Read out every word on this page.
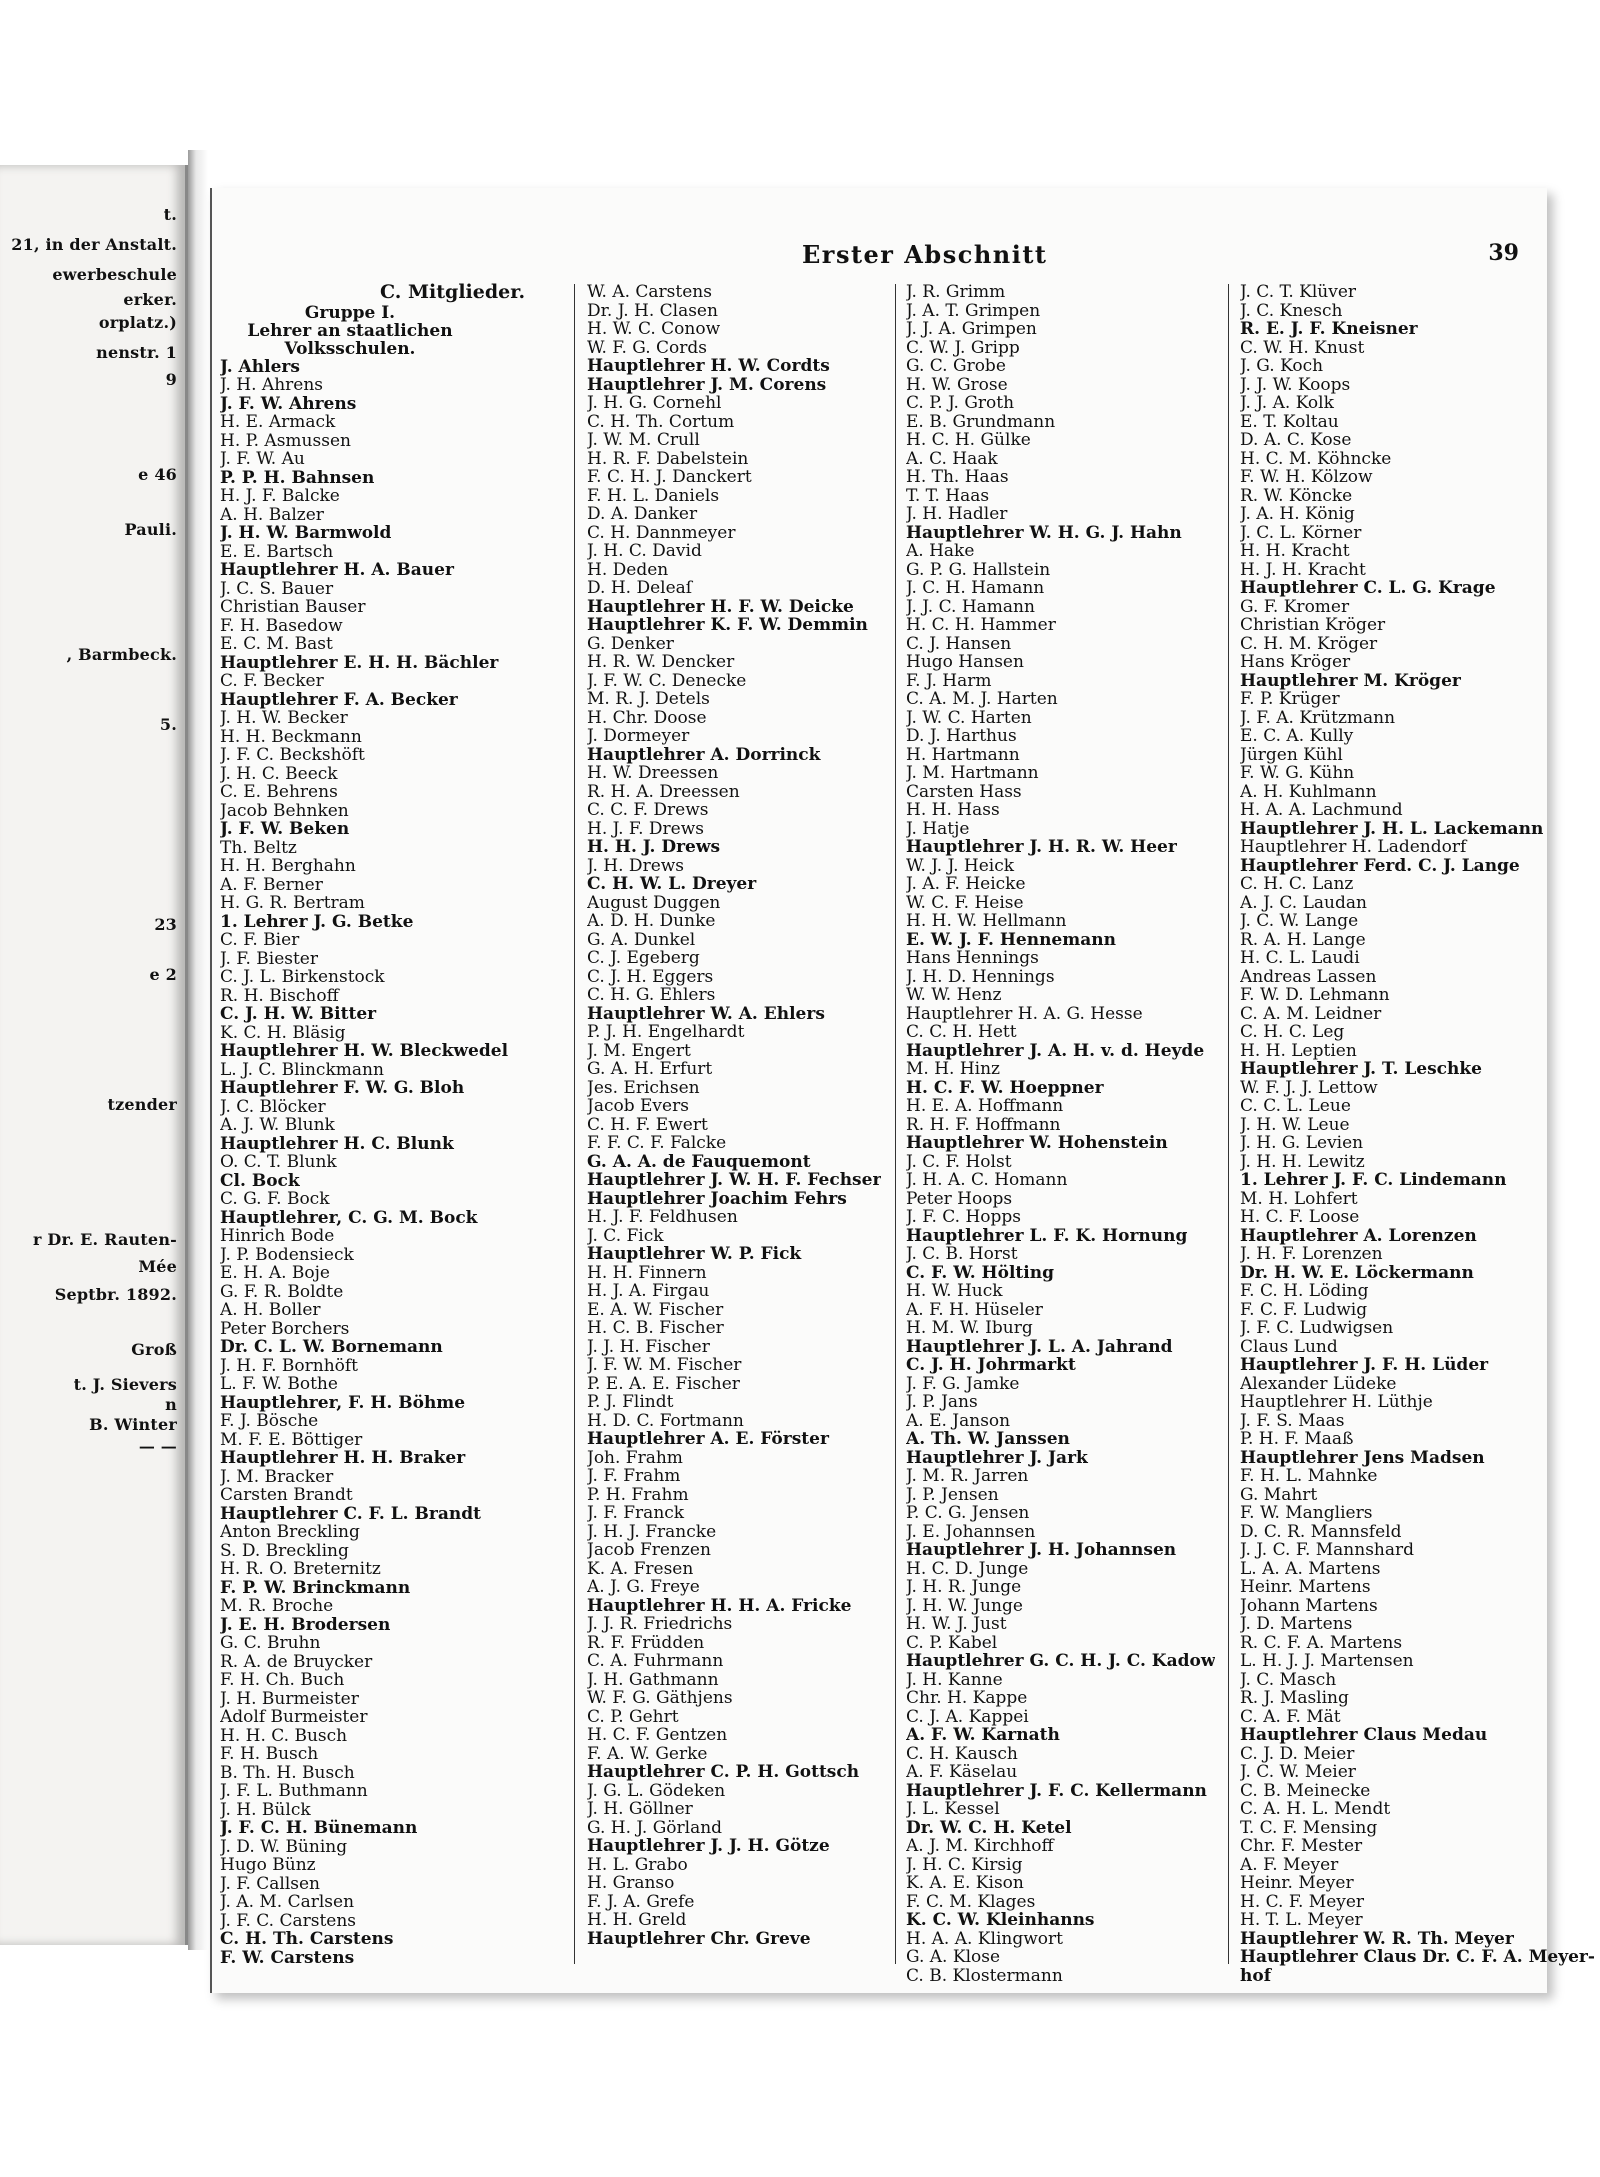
t.
21, in der Anstalt.
ewerbeschule
erker.
orplatz.)
nenstr. 1
9
e 46
Pauli.
, Barmbeck.
5.
23
e 2
tzender
r Dr. E. Rauten-
Mée
Septbr. 1892.
Groß
t. J. Sievers
n
B. Winter
— —
Erster Abschnitt	39
C. Mitglieder.
Gruppe I.
Lehrer an staatlichen
Volksschulen.
J. Ahlers
J. H. Ahrens
J. F. W. Ahrens
H. E. Armack
H. P. Asmussen
J. F. W. Au
P. P. H. Bahnsen
H. J. F. Balcke
A. H. Balzer
J. H. W. Barmwold
E. E. Bartsch
Hauptlehrer H. A. Bauer
J. C. S. Bauer
Christian Bauser
F. H. Basedow
E. C. M. Bast
Hauptlehrer E. H. H. Bächler
C. F. Becker
Hauptlehrer F. A. Becker
J. H. W. Becker
H. H. Beckmann
J. F. C. Beckshöft
J. H. C. Beeck
C. E. Behrens
Jacob Behnken
J. F. W. Beken
Th. Beltz
H. H. Berghahn
A. F. Berner
H. G. R. Bertram
1. Lehrer J. G. Betke
C. F. Bier
J. F. Biester
C. J. L. Birkenstock
R. H. Bischoff
C. J. H. W. Bitter
K. C. H. Bläsig
Hauptlehrer H. W. Bleckwedel
L. J. C. Blinckmann
Hauptlehrer F. W. G. Bloh
J. C. Blöcker
A. J. W. Blunk
Hauptlehrer H. C. Blunk
O. C. T. Blunk
Cl. Bock
C. G. F. Bock
Hauptlehrer, C. G. M. Bock
Hinrich Bode
J. P. Bodensieck
E. H. A. Boje
G. F. R. Boldte
A. H. Boller
Peter Borchers
Dr. C. L. W. Bornemann
J. H. F. Bornhöft
L. F. W. Bothe
Hauptlehrer, F. H. Böhme
F. J. Bösche
M. F. E. Böttiger
Hauptlehrer H. H. Braker
J. M. Bracker
Carsten Brandt
Hauptlehrer C. F. L. Brandt
Anton Breckling
S. D. Breckling
H. R. O. Breternitz
F. P. W. Brinckmann
M. R. Broche
J. E. H. Brodersen
G. C. Bruhn
R. A. de Bruycker
F. H. Ch. Buch
J. H. Burmeister
Adolf Burmeister
H. H. C. Busch
F. H. Busch
B. Th. H. Busch
J. F. L. Buthmann
J. H. Bülck
J. F. C. H. Bünemann
J. D. W. Büning
Hugo Bünz
J. F. Callsen
J. A. M. Carlsen
J. F. C. Carstens
C. H. Th. Carstens
F. W. Carstens
W. A. Carstens
Dr. J. H. Clasen
H. W. C. Conow
W. F. G. Cords
Hauptlehrer H. W. Cordts
Hauptlehrer J. M. Corens
J. H. G. Cornehl
C. H. Th. Cortum
J. W. M. Crull
H. R. F. Dabelstein
F. C. H. J. Danckert
F. H. L. Daniels
D. A. Danker
C. H. Dannmeyer
J. H. C. David
H. Deden
D. H. Deleaſ
Hauptlehrer H. F. W. Deicke
Hauptlehrer K. F. W. Demmin
G. Denker
H. R. W. Dencker
J. F. W. C. Denecke
M. R. J. Detels
H. Chr. Doose
J. Dormeyer
Hauptlehrer A. Dorrinck
H. W. Dreessen
R. H. A. Dreessen
C. C. F. Drews
H. J. F. Drews
H. H. J. Drews
J. H. Drews
C. H. W. L. Dreyer
August Duggen
A. D. H. Dunke
G. A. Dunkel
C. J. Egeberg
C. J. H. Eggers
C. H. G. Ehlers
Hauptlehrer W. A. Ehlers
P. J. H. Engelhardt
J. M. Engert
G. A. H. Erfurt
Jes. Erichsen
Jacob Evers
C. H. F. Ewert
F. F. C. F. Falcke
G. A. A. de Fauquemont
Hauptlehrer J. W. H. F. Fechser
Hauptlehrer Joachim Fehrs
H. J. F. Feldhusen
J. C. Fick
Hauptlehrer W. P. Fick
H. H. Finnern
H. J. A. Firgau
E. A. W. Fischer
H. C. B. Fischer
J. J. H. Fischer
J. F. W. M. Fischer
P. E. A. E. Fischer
P. J. Flindt
H. D. C. Fortmann
Hauptlehrer A. E. Förster
Joh. Frahm
J. F. Frahm
P. H. Frahm
J. F. Franck
J. H. J. Francke
Jacob Frenzen
K. A. Fresen
A. J. G. Freye
Hauptlehrer H. H. A. Fricke
J. J. R. Friedrichs
R. F. Früdden
C. A. Fuhrmann
J. H. Gathmann
W. F. G. Gäthjens
C. P. Gehrt
H. C. F. Gentzen
F. A. W. Gerke
Hauptlehrer C. P. H. Gottsch
J. G. L. Gödeken
J. H. Göllner
G. H. J. Görland
Hauptlehrer J. J. H. Götze
H. L. Grabo
H. Granso
F. J. A. Grefe
H. H. Greld
Hauptlehrer Chr. Greve
J. R. Grimm
J. A. T. Grimpen
J. J. A. Grimpen
C. W. J. Gripp
G. C. Grobe
H. W. Grose
C. P. J. Groth
E. B. Grundmann
H. C. H. Gülke
A. C. Haak
H. Th. Haas
T. T. Haas
J. H. Hadler
Hauptlehrer W. H. G. J. Hahn
A. Hake
G. P. G. Hallstein
J. C. H. Hamann
J. J. C. Hamann
H. C. H. Hammer
C. J. Hansen
Hugo Hansen
F. J. Harm
C. A. M. J. Harten
J. W. C. Harten
D. J. Harthus
H. Hartmann
J. M. Hartmann
Carsten Hass
H. H. Hass
J. Hatje
Hauptlehrer J. H. R. W. Heer
W. J. J. Heick
J. A. F. Heicke
W. C. F. Heise
H. H. W. Hellmann
E. W. J. F. Hennemann
Hans Hennings
J. H. D. Hennings
W. W. Henz
Hauptlehrer H. A. G. Hesse
C. C. H. Hett
Hauptlehrer J. A. H. v. d. Heyde
M. H. Hinz
H. C. F. W. Hoeppner
H. E. A. Hoffmann
R. H. F. Hoffmann
Hauptlehrer W. Hohenstein
J. C. F. Holst
J. H. A. C. Homann
Peter Hoops
J. F. C. Hopps
Hauptlehrer L. F. K. Hornung
J. C. B. Horst
C. F. W. Hölting
H. W. Huck
A. F. H. Hüseler
H. M. W. Iburg
Hauptlehrer J. L. A. Jahrand
C. J. H. Johrmarkt
J. F. G. Jamke
J. P. Jans
A. E. Janson
A. Th. W. Janssen
Hauptlehrer J. Jark
J. M. R. Jarren
J. P. Jensen
P. C. G. Jensen
J. E. Johannsen
Hauptlehrer J. H. Johannsen
H. C. D. Junge
J. H. R. Junge
J. H. W. Junge
H. W. J. Just
C. P. Kabel
Hauptlehrer G. C. H. J. C. Kadow
J. H. Kanne
Chr. H. Kappe
C. J. A. Kappei
A. F. W. Karnath
C. H. Kausch
A. F. Käselau
Hauptlehrer J. F. C. Kellermann
J. L. Kessel
Dr. W. C. H. Ketel
A. J. M. Kirchhoff
J. H. C. Kirsig
K. A. E. Kison
F. C. M. Klages
K. C. W. Kleinhanns
H. A. A. Klingwort
G. A. Klose
C. B. Klostermann
J. C. T. Klüver
J. C. Knesch
R. E. J. F. Kneisner
C. W. H. Knust
J. G. Koch
J. J. W. Koops
J. J. A. Kolk
E. T. Koltau
D. A. C. Kose
H. C. M. Köhncke
F. W. H. Kölzow
R. W. Köncke
J. A. H. König
J. C. L. Körner
H. H. Kracht
H. J. H. Kracht
Hauptlehrer C. L. G. Krage
G. F. Kromer
Christian Kröger
C. H. M. Kröger
Hans Kröger
Hauptlehrer M. Kröger
F. P. Krüger
J. F. A. Krützmann
E. C. A. Kully
Jürgen Kühl
F. W. G. Kühn
A. H. Kuhlmann
H. A. A. Lachmund
Hauptlehrer J. H. L. Lackemann
Hauptlehrer H. Ladendorf
Hauptlehrer Ferd. C. J. Lange
C. H. C. Lanz
A. J. C. Laudan
J. C. W. Lange
R. A. H. Lange
H. C. L. Laudi
Andreas Lassen
F. W. D. Lehmann
C. A. M. Leidner
C. H. C. Leg
H. H. Leptien
Hauptlehrer J. T. Leschke
W. F. J. J. Lettow
C. C. L. Leue
J. H. W. Leue
J. H. G. Levien
J. H. H. Lewitz
1. Lehrer J. F. C. Lindemann
M. H. Lohfert
H. C. F. Loose
Hauptlehrer A. Lorenzen
J. H. F. Lorenzen
Dr. H. W. E. Löckermann
F. C. H. Löding
F. C. F. Ludwig
J. F. C. Ludwigsen
Claus Lund
Hauptlehrer J. F. H. Lüder
Alexander Lüdeke
Hauptlehrer H. Lüthje
J. F. S. Maas
P. H. F. Maaß
Hauptlehrer Jens Madsen
F. H. L. Mahnke
G. Mahrt
F. W. Mangliers
D. C. R. Mannsfeld
J. J. C. F. Mannshard
L. A. A. Martens
Heinr. Martens
Johann Martens
J. D. Martens
R. C. F. A. Martens
L. H. J. J. Martensen
J. C. Masch
R. J. Masling
C. A. F. Mät
Hauptlehrer Claus Medau
C. J. D. Meier
J. C. W. Meier
C. B. Meinecke
C. A. H. L. Mendt
T. C. F. Mensing
Chr. F. Mester
A. F. Meyer
Heinr. Meyer
H. C. F. Meyer
H. T. L. Meyer
Hauptlehrer W. R. Th. Meyer
Hauptlehrer Claus Dr. C. F. A. Meyer-
hof
